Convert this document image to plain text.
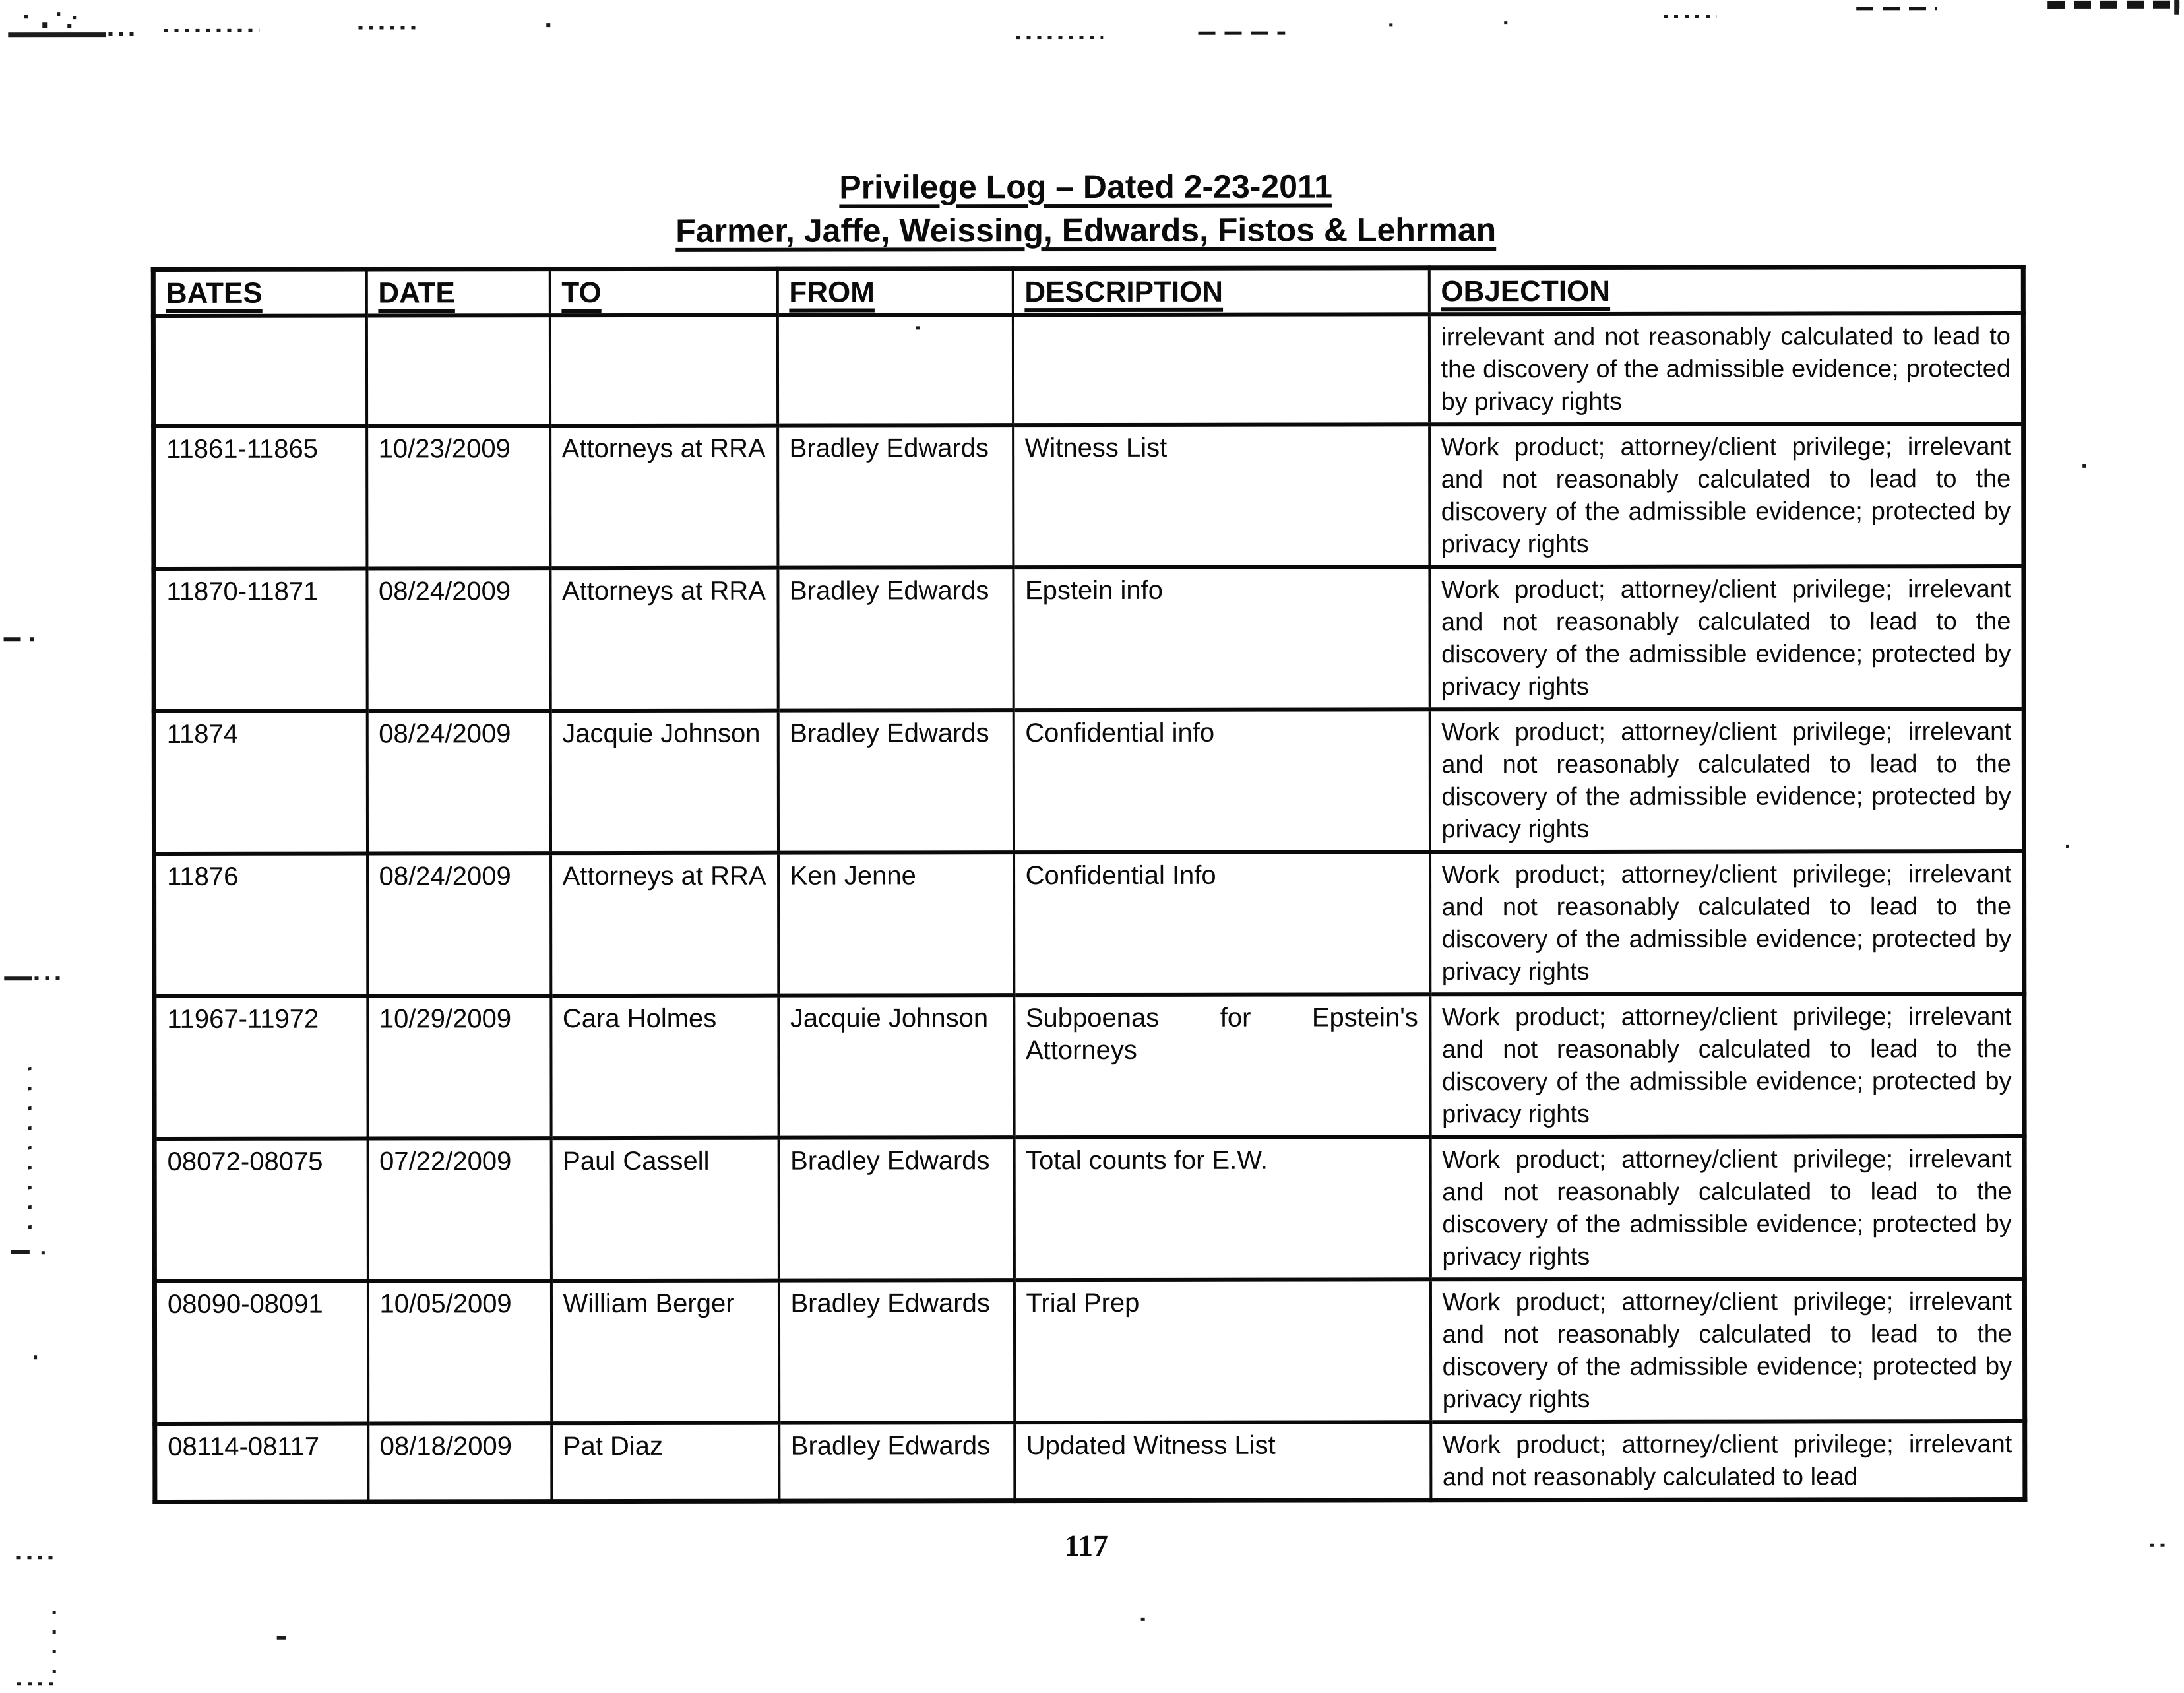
Privilege Log – Dated 2-23-2011
Farmer, Jaffe, Weissing, Edwards, Fistos & Lehrman
BATES	DATE	TO	FROM	DESCRIPTION	OBJECTION
					irrelevant and not reasonably calculated to lead to the discovery of the admissible evidence; protected by privacy rights
11861-11865	10/23/2009	Attorneys at RRA	Bradley Edwards	Witness List	Work product; attorney/client privilege; irrelevant and not reasonably calculated to lead to the discovery of the admissible evidence; protected by privacy rights
11870-11871	08/24/2009	Attorneys at RRA	Bradley Edwards	Epstein info	Work product; attorney/client privilege; irrelevant and not reasonably calculated to lead to the discovery of the admissible evidence; protected by privacy rights
11874	08/24/2009	Jacquie Johnson	Bradley Edwards	Confidential info	Work product; attorney/client privilege; irrelevant and not reasonably calculated to lead to the discovery of the admissible evidence; protected by privacy rights
11876	08/24/2009	Attorneys at RRA	Ken Jenne	Confidential Info	Work product; attorney/client privilege; irrelevant and not reasonably calculated to lead to the discovery of the admissible evidence; protected by privacy rights
11967-11972	10/29/2009	Cara Holmes	Jacquie Johnson	Subpoenas for Epstein's Attorneys	Work product; attorney/client privilege; irrelevant and not reasonably calculated to lead to the discovery of the admissible evidence; protected by privacy rights
08072-08075	07/22/2009	Paul Cassell	Bradley Edwards	Total counts for E.W.	Work product; attorney/client privilege; irrelevant and not reasonably calculated to lead to the discovery of the admissible evidence; protected by privacy rights
08090-08091	10/05/2009	William Berger	Bradley Edwards	Trial Prep	Work product; attorney/client privilege; irrelevant and not reasonably calculated to lead to the discovery of the admissible evidence; protected by privacy rights
08114-08117	08/18/2009	Pat Diaz	Bradley Edwards	Updated Witness List	Work product; attorney/client privilege; irrelevant and not reasonably calculated to lead
117
